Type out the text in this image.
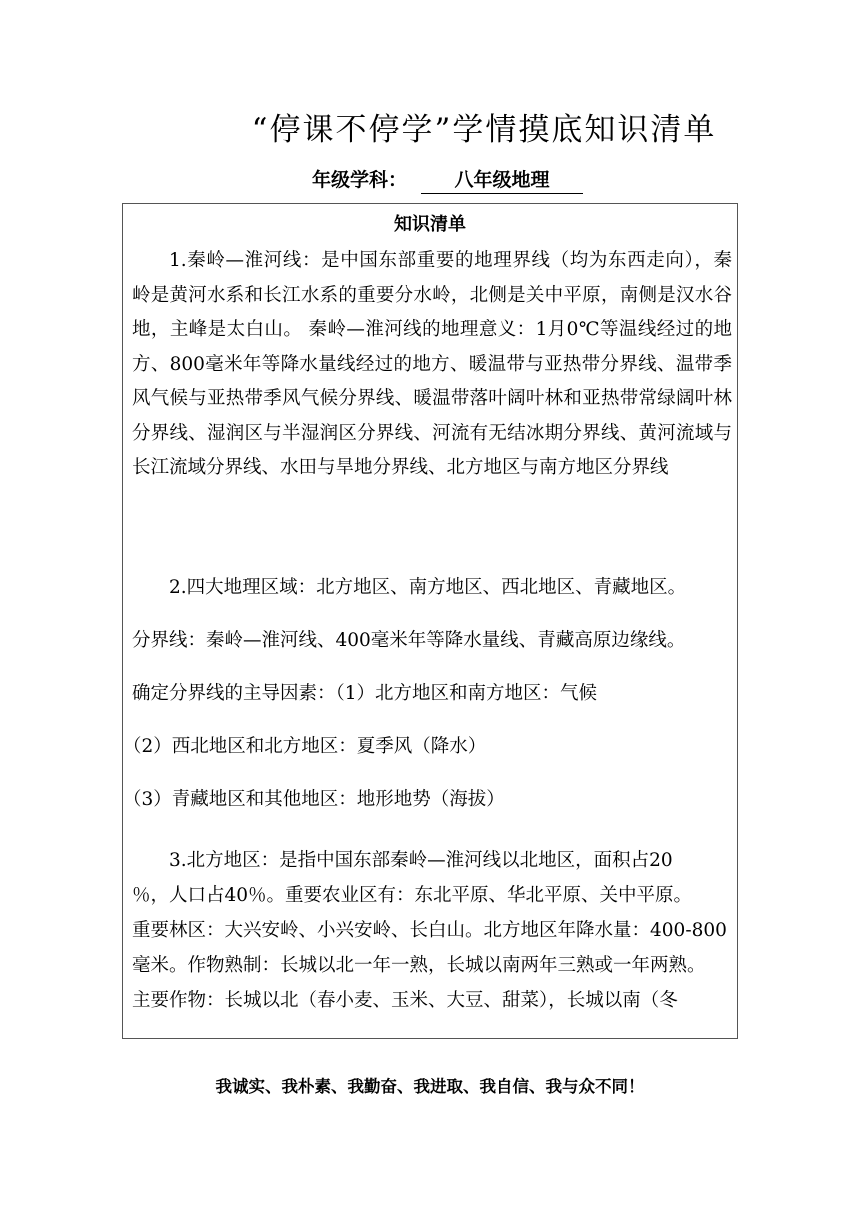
“停课不停学”学情摸底知识清单
年级学科： 八年级地理
知识清单
1.秦岭—淮河线：是中国东部重要的地理界线（均为东西走向），秦岭是黄河水系和长江水系的重要分水岭，北侧是关中平原，南侧是汉水谷地，主峰是太白山。 秦岭—淮河线的地理意义：1月0℃等温线经过的地方、800毫米年等降水量线经过的地方、暖温带与亚热带分界线、温带季风气候与亚热带季风气候分界线、暖温带落叶阔叶林和亚热带常绿阔叶林分界线、湿润区与半湿润区分界线、河流有无结冰期分界线、黄河流域与长江流域分界线、水田与旱地分界线、北方地区与南方地区分界线
2.四大地理区域：北方地区、南方地区、西北地区、青藏地区。
分界线：秦岭—淮河线、400毫米年等降水量线、青藏高原边缘线。
确定分界线的主导因素：（1）北方地区和南方地区：气候
（2）西北地区和北方地区：夏季风（降水）
（3）青藏地区和其他地区：地形地势（海拔）
3.北方地区：是指中国东部秦岭—淮河线以北地区，面积占20
％，人口占40％。重要农业区有：东北平原、华北平原、关中平原。
重要林区：大兴安岭、小兴安岭、长白山。北方地区年降水量：400-800
毫米。作物熟制：长城以北一年一熟，长城以南两年三熟或一年两熟。
主要作物：长城以北（春小麦、玉米、大豆、甜菜），长城以南（冬
我诚实、我朴素、我勤奋、我进取、我自信、我与众不同！
